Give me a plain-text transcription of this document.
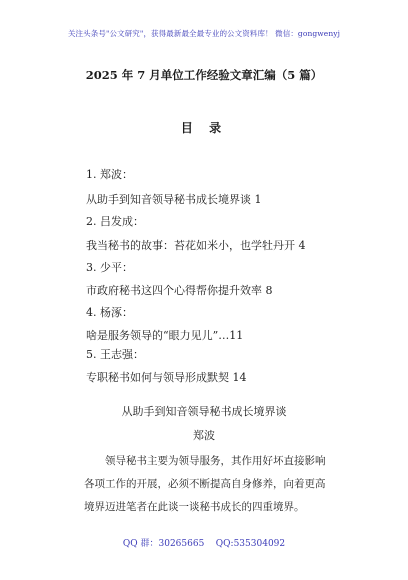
关注头条号"公文研究"，获得最新最全最专业的公文资料库！ 微信：gongwenyj
2025 年 7 月单位工作经验文章汇编（5 篇）
目 录
1. 郑波：
从助手到知音领导秘书成长境界谈 1
2. 吕发成：
我当秘书的故事：苔花如米小，也学牡丹开 4
3. 少平：
市政府秘书这四个心得帮你提升效率 8
4. 杨涿：
啥是服务领导的“眼力见儿”…11
5. 王志强：
专职秘书如何与领导形成默契 14
从助手到知音领导秘书成长境界谈
郑波

领导秘书主要为领导服务，其作用好坏直接影响各项工作的开展，必须不断提高自身修养，向着更高境界迈进笔者在此谈一谈秘书成长的四重境界。

QQ 群：30265665 QQ:535304092
